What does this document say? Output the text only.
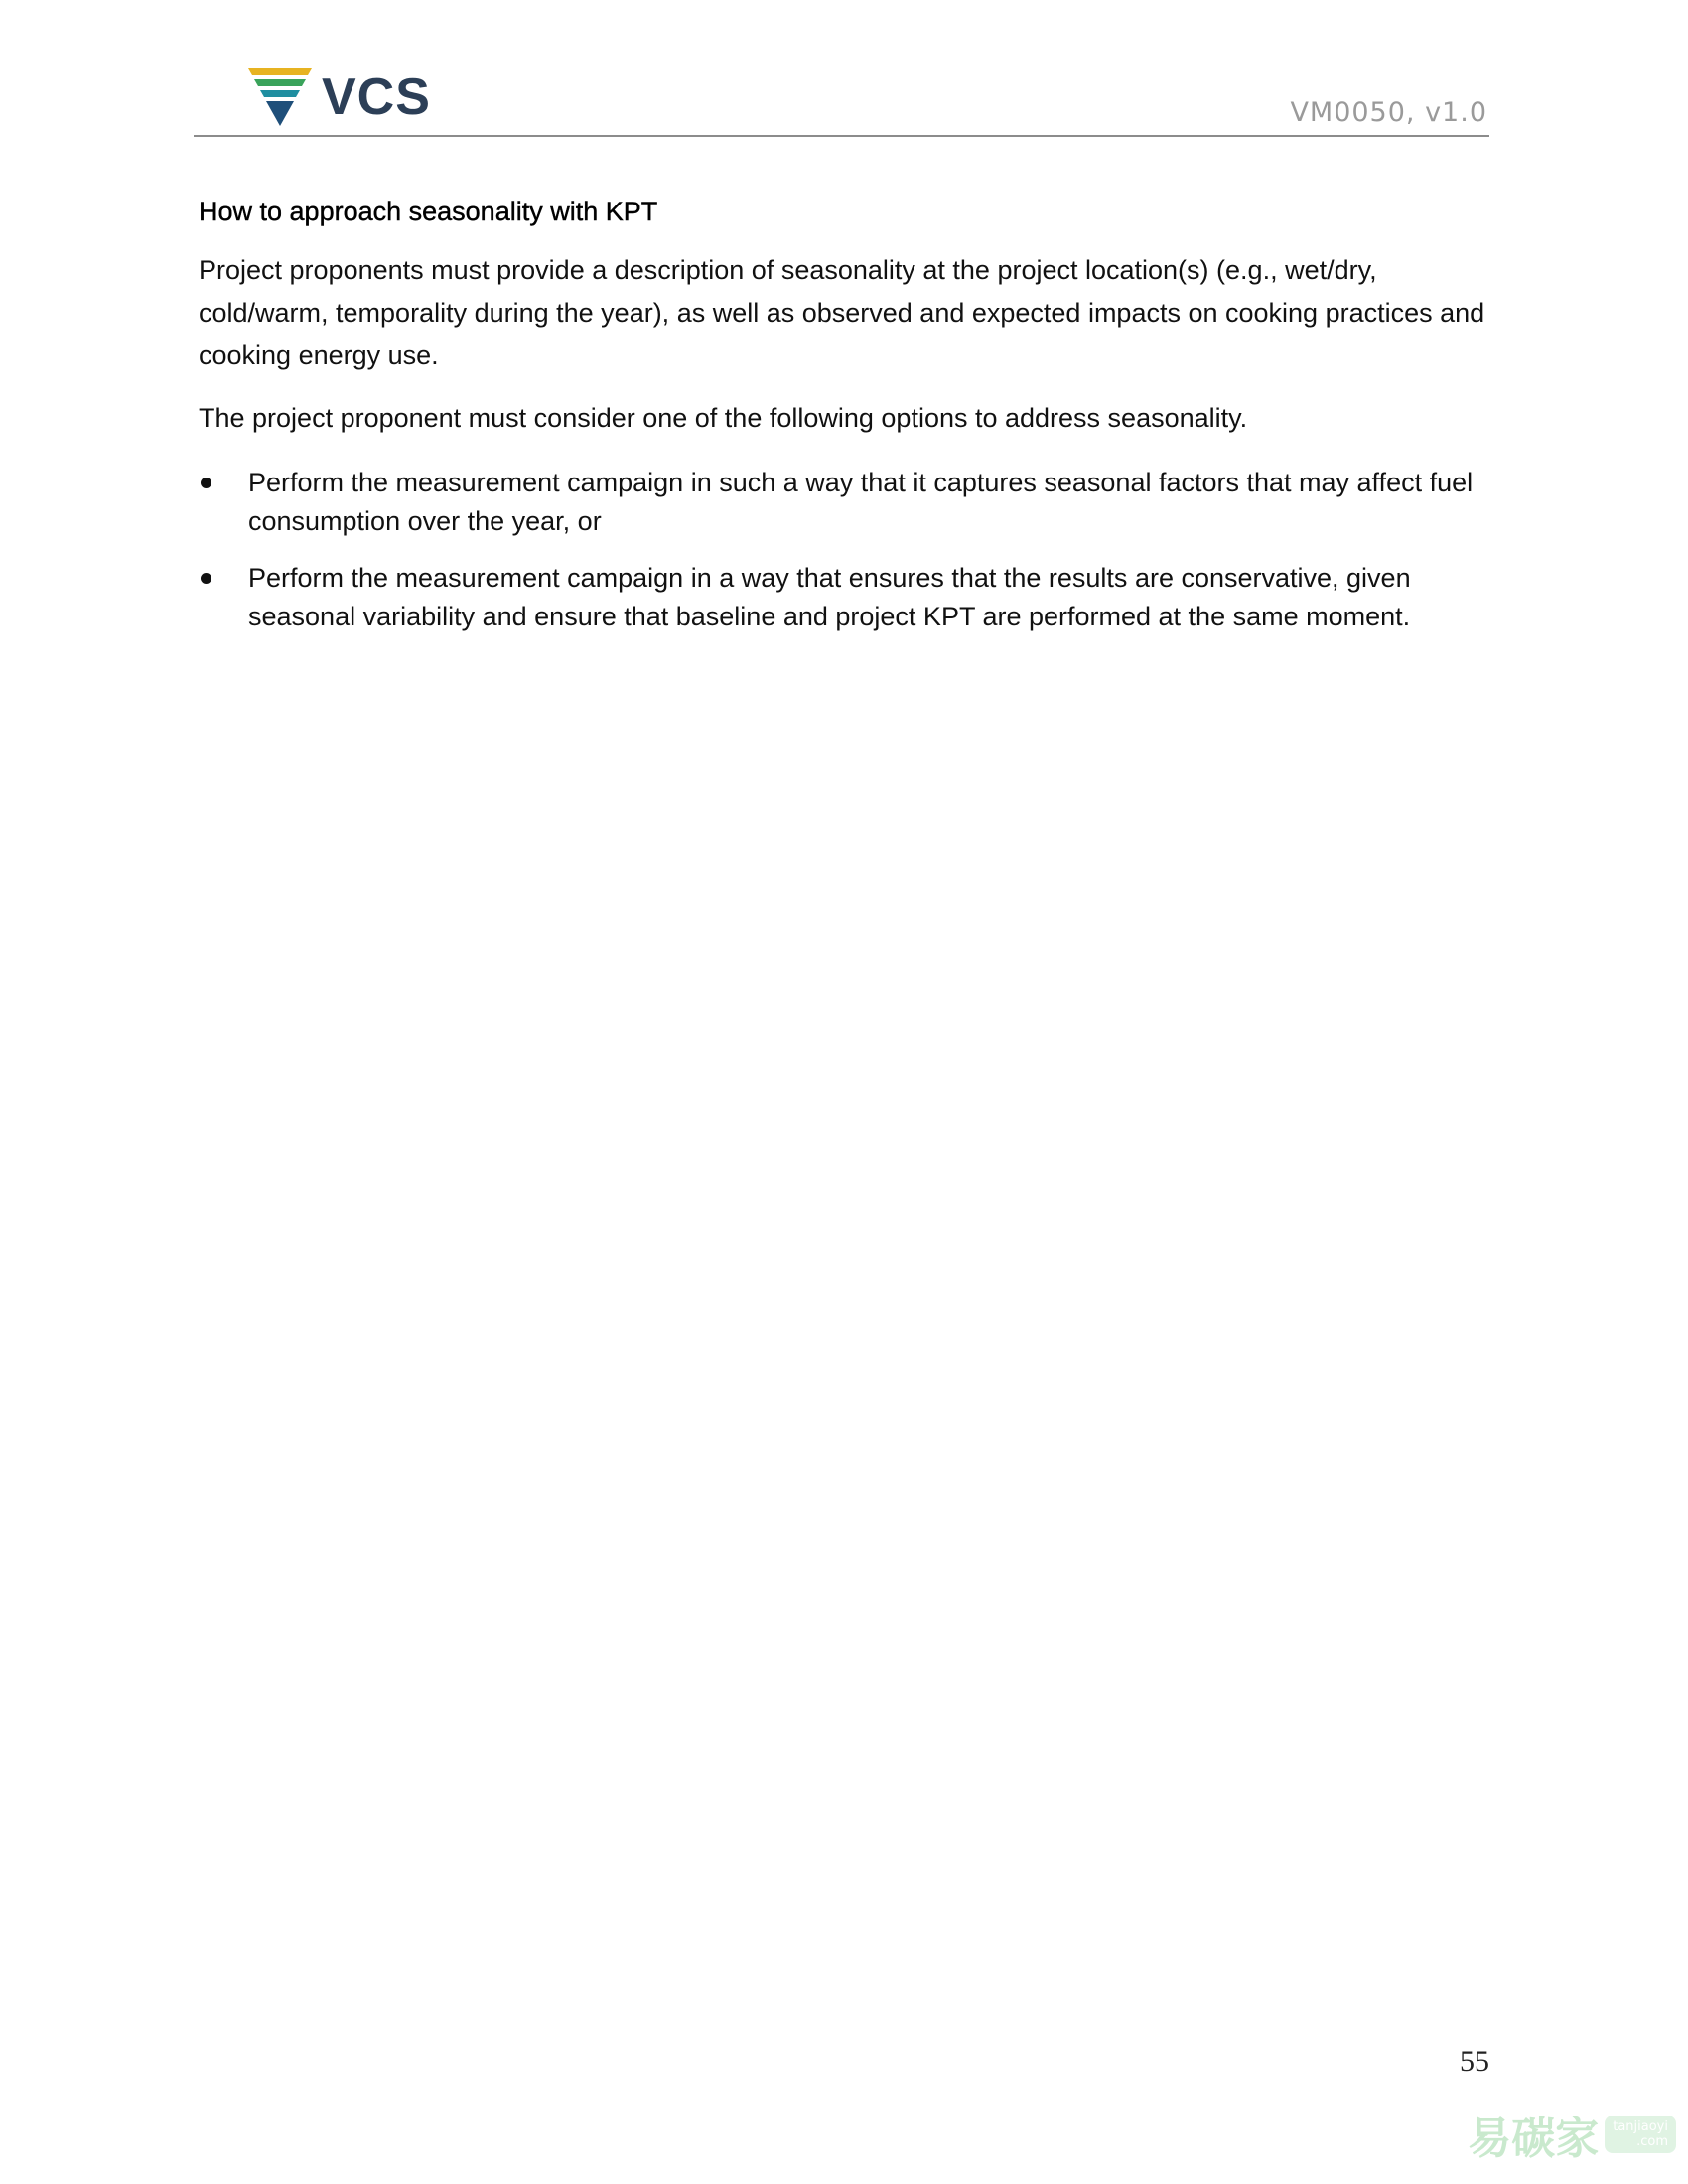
VCS	VM0050, v1.0
How to approach seasonality with KPT

Project proponents must provide a description of seasonality at the project location(s) (e.g., wet/dry, cold/warm, temporality during the year), as well as observed and expected impacts on cooking practices and cooking energy use.

The project proponent must consider one of the following options to address seasonality.

Perform the measurement campaign in such a way that it captures seasonal factors that may affect fuel consumption over the year, or
Perform the measurement campaign in a way that ensures that the results are conservative, given seasonal variability and ensure that baseline and project KPT are performed at the same moment.
55
易碳家	tanjiaoyi
.com
